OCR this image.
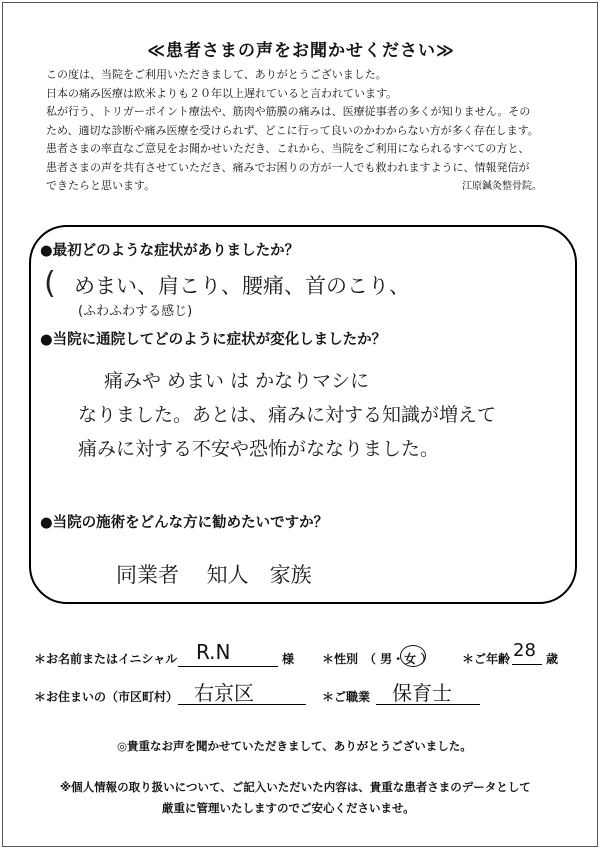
≪患者さまの声をお聞かせください≫

この度は、当院をご利用いただきまして、ありがとうございました。

日本の痛み医療は欧米よりも２０年以上遅れていると言われています。

私が行う、トリガーポイント療法や、筋肉や筋膜の痛みは、医療従事者の多くが知りません。その

ため、適切な診断や痛み医療を受けられず、どこに行って良いのかわからない方が多く存在します。

患者さまの率直なご意見をお聞かせいただき、これから、当院をご利用になられるすべての方と、

患者さまの声を共有させていただき、痛みでお困りの方が一人でも救われますように、情報発信が

できたらと思います。	江原鍼灸整骨院。
●最初どのような症状がありましたか？
( めまい、肩こり、腰痛、首のこり、
(ふわふわする感じ)
●当院に通院してどのように症状が変化しましたか？
痛みや めまい は かなりマシに
なりました。あとは、痛みに対する知識が増えて
痛みに対する不安や恐怖がななりました。
●当院の施術をどんな方に勧めたいですか？
同業者　 知人　家族
＊お名前またはイニシャル R.N	様 ＊性別　（ 男・女 ） ＊ご年齢 28 歳
＊お住まいの（市区町村） 右京区	＊ご職業 保育士
◎貴重なお声を聞かせていただきまして、ありがとうございました。
※個人情報の取り扱いについて、ご記入いただいた内容は、貴重な患者さまのデータとして
厳重に管理いたしますのでご安心くださいませ。
